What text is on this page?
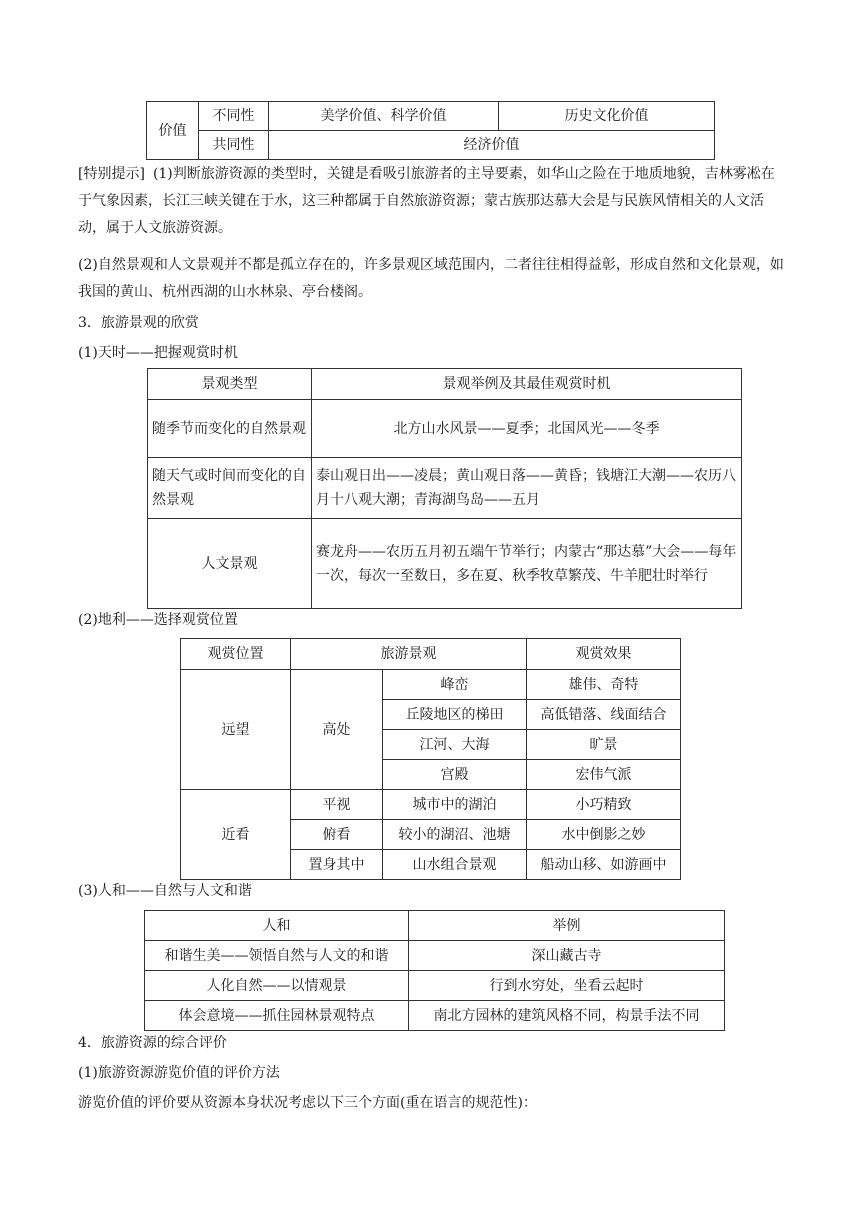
价值	不同性	美学价值、科学价值	历史文化价值
	共同性	经济价值	

[特别提示] (1)判断旅游资源的类型时，关键是看吸引旅游者的主导要素，如华山之险在于地质地貌，吉林雾凇在于气象因素，长江三峡关键在于水，这三种都属于自然旅游资源；蒙古族那达慕大会是与民族风情相关的人文活动，属于人文旅游资源。

(2)自然景观和人文景观并不都是孤立存在的，许多景观区域范围内，二者往往相得益彰，形成自然和文化景观，如我国的黄山、杭州西湖的山水林泉、亭台楼阁。

3．旅游景观的欣赏
(1)天时——把握观赏时机
景观类型	景观举例及其最佳观赏时机
随季节而变化的自然景观	北方山水风景——夏季；北国风光——冬季
随天气或时间而变化的自然景观	泰山观日出——凌晨；黄山观日落——黄昏；钱塘江大潮——农历八月十八观大潮；青海湖鸟岛——五月
人文景观	赛龙舟——农历五月初五端午节举行；内蒙古“那达慕”大会——每年一次，每次一至数日，多在夏、秋季牧草繁茂、牛羊肥壮时举行
(2)地利——选择观赏位置
观赏位置	旅游景观		观赏效果
远望	高处	峰峦	雄伟、奇特
		丘陵地区的梯田	高低错落、线面结合
		江河、大海	旷景
		宫殿	宏伟气派
近看	平视	城市中的湖泊	小巧精致
	俯看	较小的湖沼、池塘	水中倒影之妙
	置身其中	山水组合景观	船动山移、如游画中
(3)人和——自然与人文和谐
人和	举例
和谐生美——领悟自然与人文的和谐	深山藏古寺
人化自然——以情观景	行到水穷处，坐看云起时
体会意境——抓住园林景观特点	南北方园林的建筑风格不同，构景手法不同
4．旅游资源的综合评价
(1)旅游资源游览价值的评价方法
游览价值的评价要从资源本身状况考虑以下三个方面(重在语言的规范性)：
